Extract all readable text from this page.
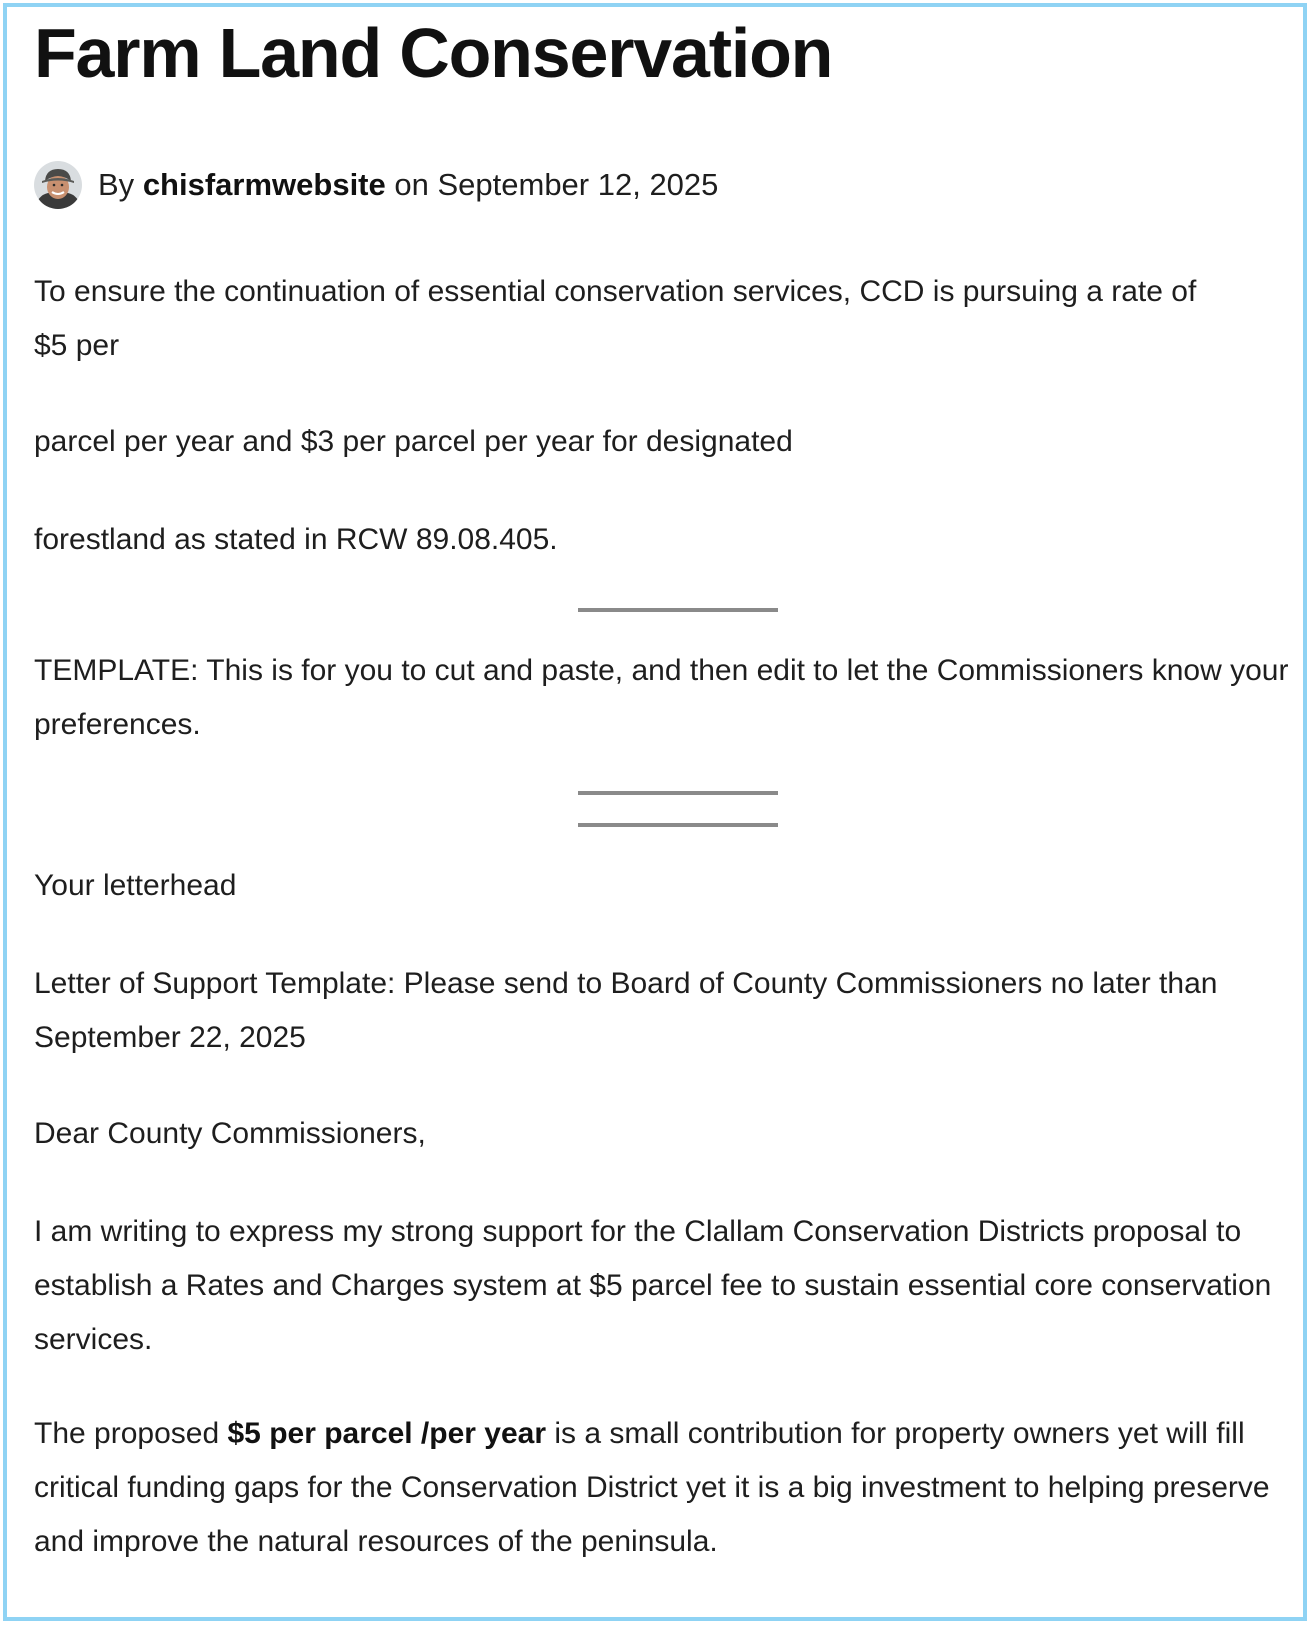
Farm Land Conservation
By
chisfarmwebsite
on
September 12, 2025

To ensure the continuation of essential conservation services, CCD is pursuing a rate of
$5 per

parcel per year and $3 per parcel per year for designated

forestland as stated in RCW 89.08.405.

TEMPLATE: This is for you to cut and paste, and then edit to let the Commissioners know your preferences.

Your letterhead

Letter of Support Template: Please send to Board of County Commissioners no later than September 22, 2025

Dear County Commissioners,

I am writing to express my strong support for the Clallam Conservation Districts proposal to establish a Rates and Charges system at $5 parcel fee to sustain essential core conservation services.

The proposed $5 per parcel /per year is a small contribution for property owners yet will fill critical funding gaps for the Conservation District yet it is a big investment to helping preserve and improve the natural resources of the peninsula.
